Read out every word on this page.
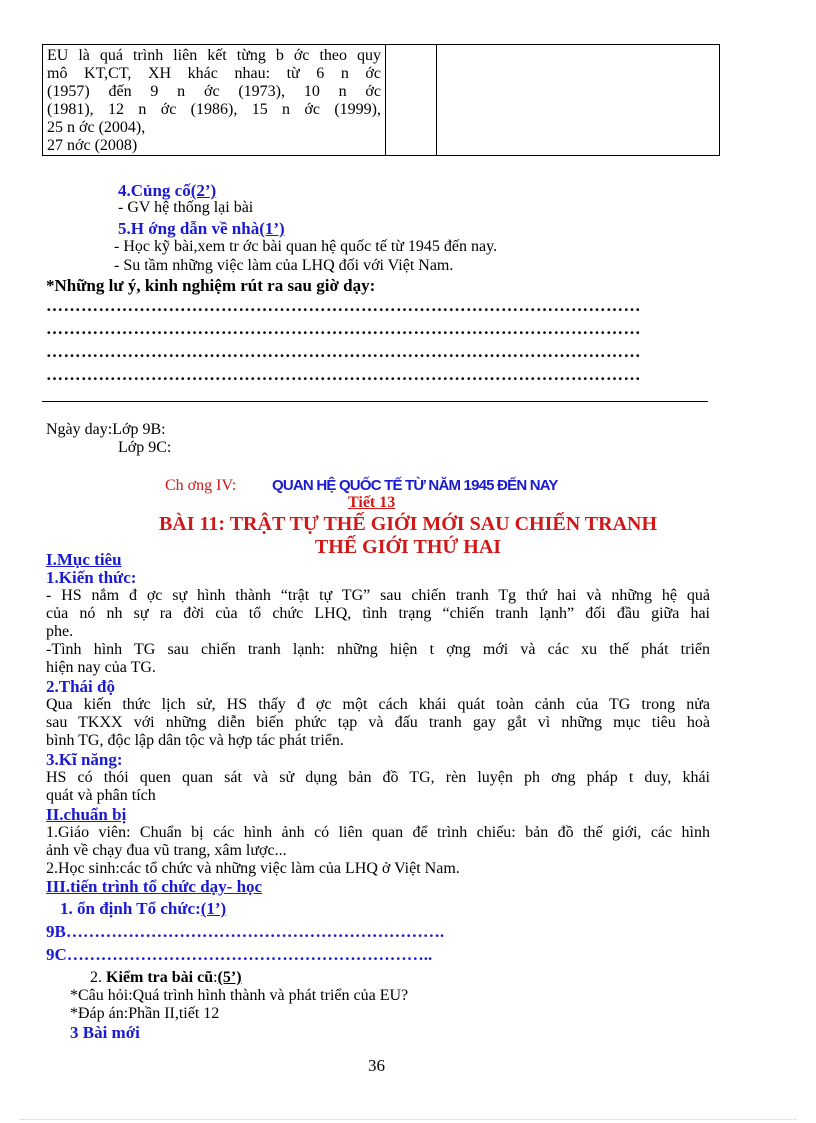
EU là quá trình liên kết từng b ớc theo quy
mô KT,CT, XH khác nhau: từ 6 n ớc
(1957) đến 9 n ớc (1973), 10 n ớc
(1981), 12 n ớc (1986), 15 n ớc (1999),
25 n ớc (2004),
27 nớc (2008)

4.Củng cố(2’)
- GV hệ thống lại bài
5.H ớng dẫn về nhà(1’)
- Học kỹ bài,xem tr ớc bài quan hệ quốc tế từ 1945 đến nay.
- Su tầm những việc làm của LHQ đối với Việt Nam.
*Những lư ý, kinh nghiệm rút ra sau giờ dạy:
…………………………………………………………………………………………
…………………………………………………………………………………………
…………………………………………………………………………………………
…………………………………………………………………………………………
Ngày day:Lớp 9B:
Lớp 9C:
Ch ơng IV: QUAN HỆ QUỐC TẾ TỪ NĂM 1945 ĐẾN NAY
Tiết 13
BÀI 11: TRẬT TỰ THẾ GIỚI MỚI SAU CHIẾN TRANH
THẾ GIỚI THỨ HAI
I.Mục tiêu
1.Kiến thức:
- HS nắm đ ợc sự hình thành “trật tự TG” sau chiến tranh Tg thứ hai và những hệ quả
của nó nh sự ra đời của tổ chức LHQ, tình trạng “chiến tranh lạnh” đối đầu giữa hai
phe.
-Tình hình TG sau chiến tranh lạnh: những hiện t ợng mới và các xu thế phát triển
hiện nay của TG.
2.Thái độ
Qua kiến thức lịch sử, HS thấy đ ợc một cách khái quát toàn cảnh của TG trong nửa
sau TKXX với những diễn biến phức tạp và đấu tranh gay gắt vì những mục tiêu hoà
bình TG, độc lập dân tộc và hợp tác phát triển.
3.Kĩ năng:
HS có thói quen quan sát và sử dụng bản đồ TG, rèn luyện ph ơng pháp t duy, khái
quát và phân tích
II.chuẩn bị
1.Giáo viên: Chuẩn bị các hình ảnh có liên quan để trình chiếu: bản đồ thế giới, các hình
ảnh về chạy đua vũ trang, xâm lược...
2.Học sinh:các tổ chức và những việc làm của LHQ ở Việt Nam.
III.tiến trình tổ chức dạy- học
1. ổn định Tổ chức:(1’)
9B………………………………………………………….
9C………………………………………………………..
2. Kiểm tra bài cũ:(5’)
*Câu hỏi:Quá trình hình thành và phát triển của EU?
*Đáp án:Phần II,tiết 12
3 Bài mới
36
